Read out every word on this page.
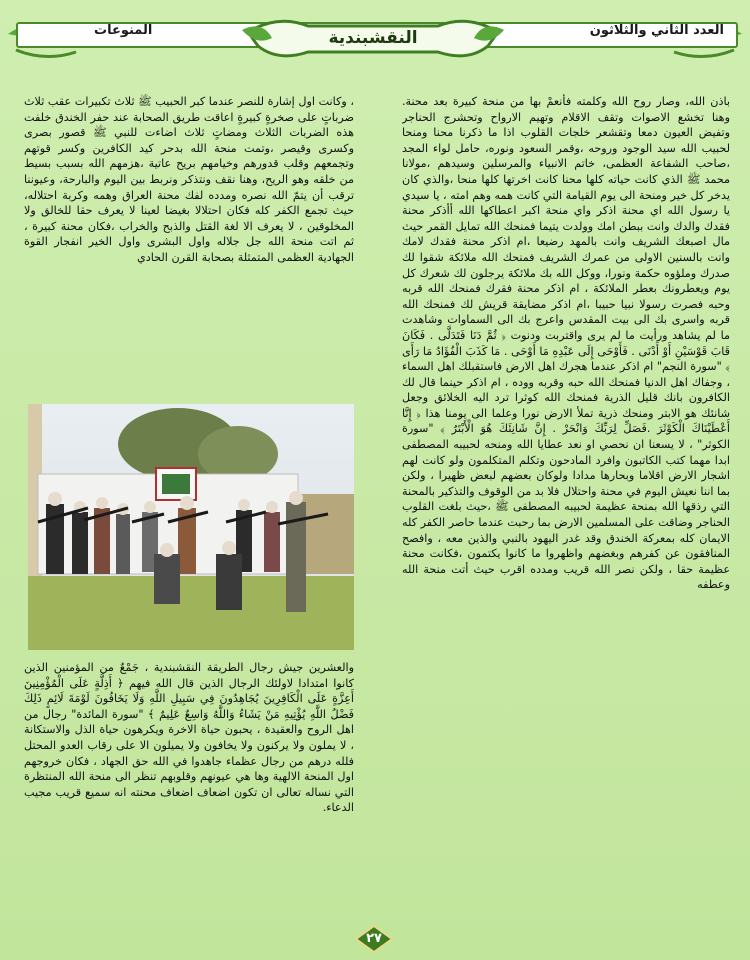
العدد الثاني والثلاثون
المنوعات	النقشبندية

باذن الله، وصار روح الله وكلمته فأنعمْ بها من منحة كبيرة بعد محنة. وهنا تخشع الاصوات وتقف الاقلام وتهيم الارواح وتحشرج الحناجر وتفيض العيون دمعا وتقشعر خلجات القلوب اذا ما ذكرنا محنا ومنحا لحبيب الله سيد الوجود وروحه ،وقمر السعود ونوره، حامل لواء المجد ،صاحب الشفاعة العظمى، خاتم الانبياء والمرسلين وسيدهم ،مولانا محمد ﷺ الذي كانت حياته كلها محنا كانت اخرتها كلها منحا ،والذي كان يدخر كل خير ومنحة الى يوم القيامة التي كانت همه وهم امته ، يا سيدي يا رسول الله اي محنة اذكر واي منحة اكبر اعطاكها الله أأذكر محنة فقدك والدك وانت ببطن امك وولدت يتيما فمنحك الله تمايل القمر حيث مال اصبعك الشريف وانت بالمهد رضيعا ،ام اذكر محنة فقدك لامك وانت بالسنين الاولى من عمرك الشريف فمنحك الله ملائكة شقوا لك صدرك وملؤوه حكمة ونورا، ووكل الله بك ملائكة يرجلون لك شعرك كل يوم ويعطرونك بعطر الملائكة ، ام اذكر محنة فقرك فمنحك الله قربه وحبه فصرت رسولا نبيا حبيبا ،ام اذكر مضايقة قريش لك فمنحك الله قربه واسرى بك الى بيت المقدس واعرج بك الى السماوات وشاهدت ما لم يشاهد ورأيت ما لم يرى واقتربت ودنوت ﴿ ثُمَّ دَنَا فَتَدَلَّى . فَكَانَ قَابَ قَوْسَيْنِ أَوْ أَدْنَى . فَأَوْحَى إِلَى عَبْدِهِ مَا أَوْحَى . مَا كَذَبَ الْفُؤَادُ مَا رَأَى ﴾ "سورة النجم" ام اذكر عندما هجرك اهل الارض فاستقبلك اهل السماء ، وجفاك اهل الدنيا فمنحك الله حبه وقربه ووده ، ام اذكر حينما قال لك الكافرون بانك قليل الذرية فمنحك الله كوثرا ترد اليه الخلائق وجعل شانئك هو الابتر ومنحك ذرية تملأ الارض نورا وعلما الى يومنا هذا ﴿ إِنَّا أَعْطَيْنَاكَ الْكَوْثَرَ .فَصَلِّ لِرَبِّكَ وَانْحَرْ . إِنَّ شَانِئَكَ هُوَ الْأَبْتَرُ ﴾ "سورة الكوثر" ، لا يسعنا ان نحصي او نعد عطايا الله ومنحه لحبيبه المصطفى ابدا مهما كتب الكاتبون وافرد المادحون وتكلم المتكلمون ولو كانت لهم اشجار الارض اقلاما وبحارها مدادا ولوكان بعضهم لبعض ظهيرا ، ولكن بما اننا نعيش اليوم في محنة واحتلال فلا بد من الوقوف والتذكير بالمحنة التي رذقها الله بمنحة عظيمة لحبيبه المصطفى ﷺ ،حيث بلغت القلوب الحناجر وضاقت على المسلمين الارض بما رحبت عندما حاصر الكفر كله الايمان كله بمعركة الخندق وقد غدر اليهود بالنبي والذين معه ، وافصح المنافقون عن كفرهم وبغضهم واظهروا ما كانوا يكتمون ،فكانت محنة عظيمة حقا ، ولكن نصر الله قريب ومدده اقرب حيث أتت منحة الله وعطفه

، وكانت اول إشارة للنصر عندما كبر الحبيب ﷺ ثلاث تكبيرات عقب ثلاث ضرباتٍ على صخرةٍ كبيرةٍ اعاقت طريق الصحابة عند حفر الخندق خلفت هذه الضربات الثلاث ومضاتٍ ثلاث اضاءت للنبي ﷺ قصور بصرى وكسرى وقيصر ،وتمت منحة الله بدحر كيد الكافرين وكسر قوتهم وتجمعهم وقلب قدورهم وخيامهم بريح عاتية ،هزمهم الله بسبب بسيط من خلقه وهو الريح، وهنا نقف ونتذكر ونربط بين اليوم والبارحة، وعيوننا ترقب أن يتمّ الله نصره ومدده لفك محنة العراق وهمه وكربة احتلاله، حيث تجمع الكفر كله فكان احتلالا بغيضا لعينا لا يعرف حقا للخالق ولا المخلوقين ، لا يعرف الا لغة القتل والذبح والخراب ،فكان محنة كبيرة ، ثم اتت منحة الله جل جلاله واول البشرى واول الخير انفجار القوة الجهادية العظمى المتمثلة بصحابة القرن الحادي

والعشرين جيش رجال الطريقة النقشبندية ، جَمْعٌ من المؤمنين الذين كانوا امتدادا لاولئك الرجال الذين قال الله فيهم ﴿ أَذِلَّةٍ عَلَى الْمُؤْمِنِينَ أَعِزَّةٍ عَلَى الْكَافِرِينَ يُجَاهِدُونَ فِي سَبِيلِ اللَّهِ وَلَا يَخَافُونَ لَوْمَةَ لَائِمٍ ذَلِكَ فَضْلُ اللَّهِ يُؤْتِيهِ مَنْ يَشَاءُ وَاللَّهُ وَاسِعٌ عَلِيمٌ ﴾ "سورة المائدة" رجال من اهل الروح والعقيدة ، يحبون حياة الاخرة ويكرهون حياة الذل والاستكانة ، لا يملون ولا يركنون ولا يخافون ولا يميلون الا على رقاب العدو المحتل فلله درهم من رجال عظماء جاهدوا في الله حق الجهاد ، فكان خروجهم اول المنحة الالهية وها هي عيونهم وقلوبهم تنظر الى منحة الله المنتظرة التي نساله تعالى ان تكون اضعاف اضعاف محنته انه سميع قريب مجيب الدعاء.

٢٧
